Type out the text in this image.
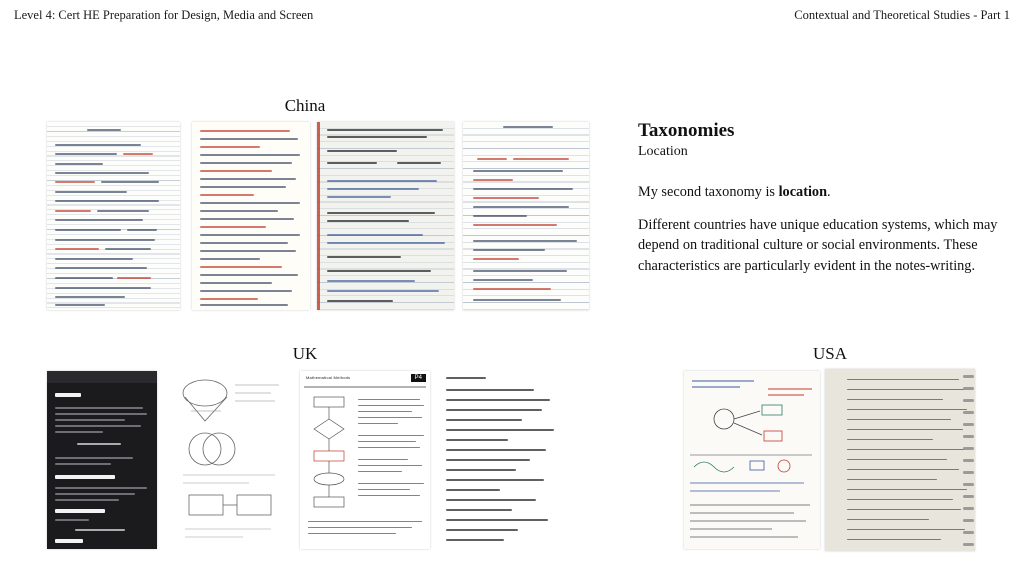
Level 4: Cert HE Preparation for Design, Media and Screen	Contextual and Theoretical Studies - Part 1
China
UK	USA
Taxonomies
Location

My second taxonomy is location.

Different countries have unique education systems, which may depend on traditional culture or social environments. These characteristics are particularly evident in the notes-writing.

Mathematical Methods	P4
